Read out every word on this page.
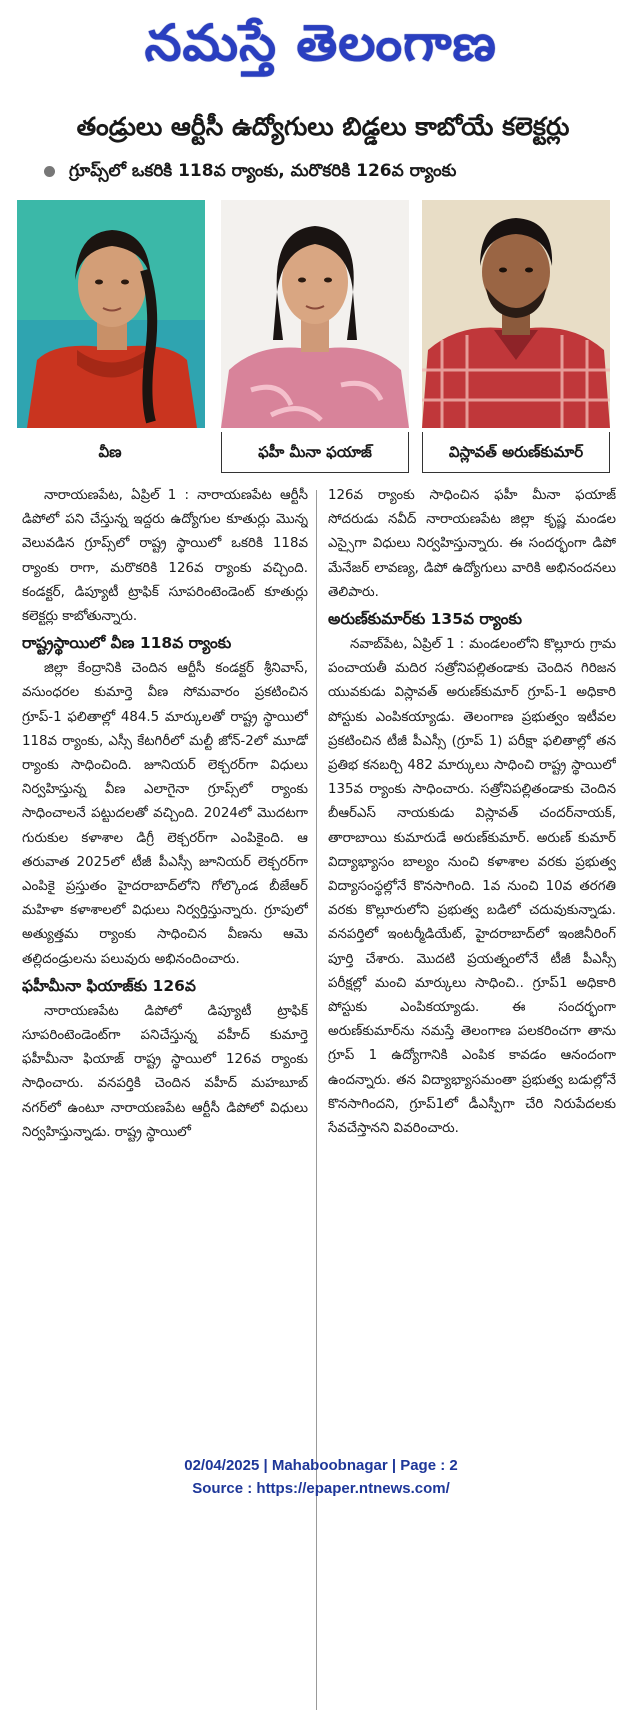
నమస్తే తెలంగాణ
తండ్రులు ఆర్టీసీ ఉద్యోగులు బిడ్డలు కాబోయే కలెక్టర్లు
గ్రూప్స్‌లో ఒకరికి 118వ ర్యాంకు, మరొకరికి 126వ ర్యాంకు
వీణ	ఫహీ మీనా ఫయాజ్	విస్లావత్ అరుణ్‌కుమార్

నారాయణపేట, ఏప్రిల్ 1 : నారాయణపేట ఆర్టీసీ డిపోలో పని చేస్తున్న ఇద్దరు ఉద్యోగుల కూతుర్లు మొన్న వెలువడిన గ్రూప్స్‌లో రాష్ట్ర స్థాయిలో ఒకరికి 118వ ర్యాంకు రాగా, మరొకరికి 126వ ర్యాంకు వచ్చింది. కండక్టర్, డిప్యూటీ ట్రాఫిక్ సూపరింటెండెంట్ కూతుర్లు కలెక్టర్లు కాబోతున్నారు.

రాష్ట్రస్థాయిలో వీణ 118వ ర్యాంకు

జిల్లా కేంద్రానికి చెందిన ఆర్టీసీ కండక్టర్ శ్రీనివాస్, వసుంధరల కుమార్తె వీణ సోమవారం ప్రకటించిన గ్రూప్-1 ఫలితాల్లో 484.5 మార్కులతో రాష్ట్ర స్థాయిలో 118వ ర్యాంకు, ఎస్సీ కేటగిరీలో మల్టీ జోన్-2లో మూడో ర్యాంకు సాధించింది. జూనియర్ లెక్చరర్‌గా విధులు నిర్వహిస్తున్న వీణ ఎలాగైనా గ్రూప్స్‌లో ర్యాంకు సాధించాలనే పట్టుదలతో వచ్చింది. 2024లో మొదటగా గురుకుల కళాశాల డిగ్రీ లెక్చరర్‌గా ఎంపికైంది. ఆ తరువాత 2025లో టీజీ పీఎస్సీ జూనియర్ లెక్చరర్‌గా ఎంపికై ప్రస్తుతం హైదరాబాద్‌లోని గోల్కొండ బీజేఆర్ మహిళా కళాశాలలో విధులు నిర్వర్తిస్తున్నారు. గ్రూపులో అత్యుత్తమ ర్యాంకు సాధించిన వీణను ఆమె తల్లిదండ్రులను పలువురు అభినందించారు.

ఫహీమీనా ఫియాజ్‌కు 126వ

నారాయణపేట డిపోలో డిప్యూటీ ట్రాఫిక్ సూపరింటెండెంట్‌గా పనిచేస్తున్న వహీద్ కుమార్తె ఫహీమీనా ఫియాజ్ రాష్ట్ర స్థాయిలో 126వ ర్యాంకు సాధించారు. వనపర్తికి చెందిన వహీద్ మహబూబ్ నగర్‌లో ఉంటూ నారాయణపేట ఆర్టీసీ డిపోలో విధులు నిర్వహిస్తున్నాడు. రాష్ట్ర స్థాయిలో

126వ ర్యాంకు సాధించిన ఫహీ మీనా ఫయాజ్ సోదరుడు నవీద్ నారాయణపేట జిల్లా కృష్ణ మండల ఎస్సైగా విధులు నిర్వహిస్తున్నారు. ఈ సందర్భంగా డిపో మేనేజర్ లావణ్య, డిపో ఉద్యోగులు వారికి అభినందనలు తెలిపారు.

అరుణ్‌కుమార్‌కు 135వ ర్యాంకు

నవాబ్‌పేట, ఏప్రిల్ 1 : మండలంలోని కొల్లూరు గ్రామ పంచాయతీ మదిర సత్రోనిపల్లితండాకు చెందిన గిరిజన యువకుడు విస్లావత్ అరుణ్‌కుమార్ గ్రూప్-1 అధికారి పోస్టుకు ఎంపికయ్యాడు. తెలంగాణ ప్రభుత్వం ఇటీవల ప్రకటించిన టీజీ పీఎస్సీ (గ్రూప్ 1) పరీక్షా ఫలితాల్లో తన ప్రతిభ కనబర్చి 482 మార్కులు సాధించి రాష్ట్ర స్థాయిలో 135వ ర్యాంకు సాధించారు. సత్రోనిపల్లితండాకు చెందిన బీఆర్ఎస్ నాయకుడు విస్లావత్ చందర్‌నాయక్, తారాబాయి కుమారుడే అరుణ్‌కుమార్. అరుణ్ కుమార్ విద్యాభ్యాసం బాల్యం నుంచి కళాశాల వరకు ప్రభుత్వ విద్యాసంస్థల్లోనే కొనసాగింది. 1వ నుంచి 10వ తరగతి వరకు కొల్లూరులోని ప్రభుత్వ బడిలో చదువుకున్నాడు. వనపర్తిలో ఇంటర్మీడియేట్, హైదరాబాద్‌లో ఇంజినీరింగ్ పూర్తి చేశారు. మొదటి ప్రయత్నంలోనే టీజీ పీఎస్సీ పరీక్షల్లో మంచి మార్కులు సాధించి.. గ్రూప్1 అధికారి పోస్టుకు ఎంపికయ్యాడు. ఈ సందర్భంగా అరుణ్‌కుమార్‌ను నమస్తే తెలంగాణ పలకరించగా తాను గ్రూప్ 1 ఉద్యోగానికి ఎంపిక కావడం ఆనందంగా ఉందన్నారు. తన విద్యాభ్యాసమంతా ప్రభుత్వ బడుల్లోనే కొనసాగిందని, గ్రూప్1లో డీఎస్పీగా చేరి నిరుపేదలకు సేవచేస్తానని వివరించారు.

02/04/2025 | Mahaboobnagar | Page : 2
Source : https://epaper.ntnews.com/
